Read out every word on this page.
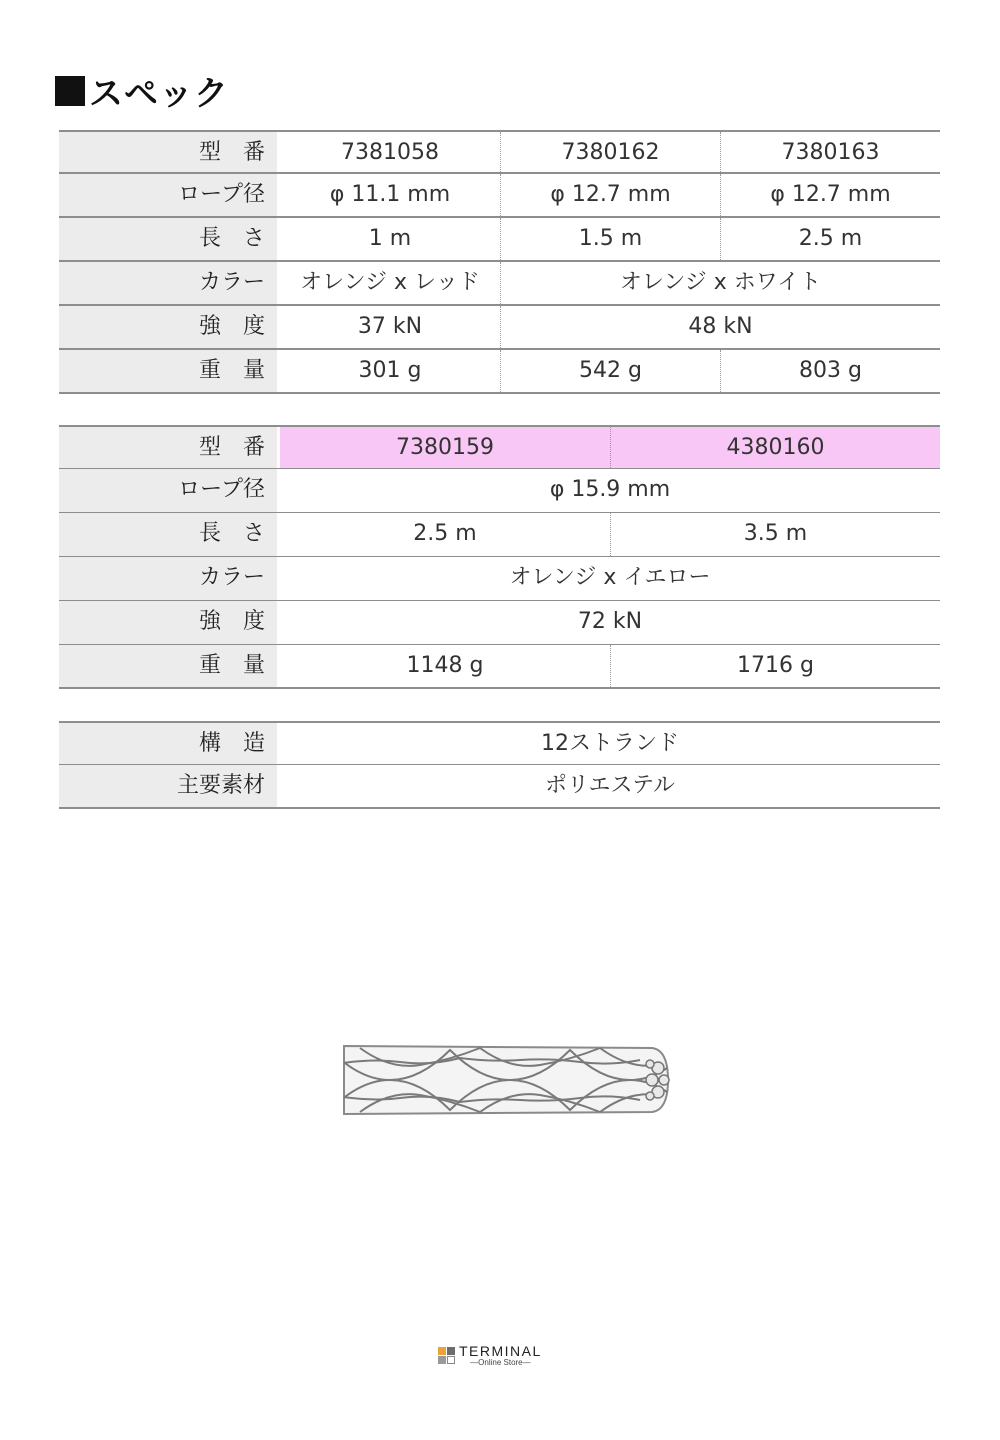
スペック
型　番	7381058	7380162	7380163
ロープ径	φ 11.1 mm	φ 12.7 mm	φ 12.7 mm
長　さ	1 m	1.5 m	2.5 m
カラー	オレンジ x レッド	オレンジ x ホワイト
強　度	37 kN	48 kN
重　量	301 g	542 g	803 g
型　番	7380159	4380160
ロープ径	φ 15.9 mm
長　さ	2.5 m	3.5 m
カラー	オレンジ x イエロー
強　度	72 kN
重　量	1148 g	1716 g
構　造	12ストランド
主要素材	ポリエステル
TERMINAL
—Online Store—
